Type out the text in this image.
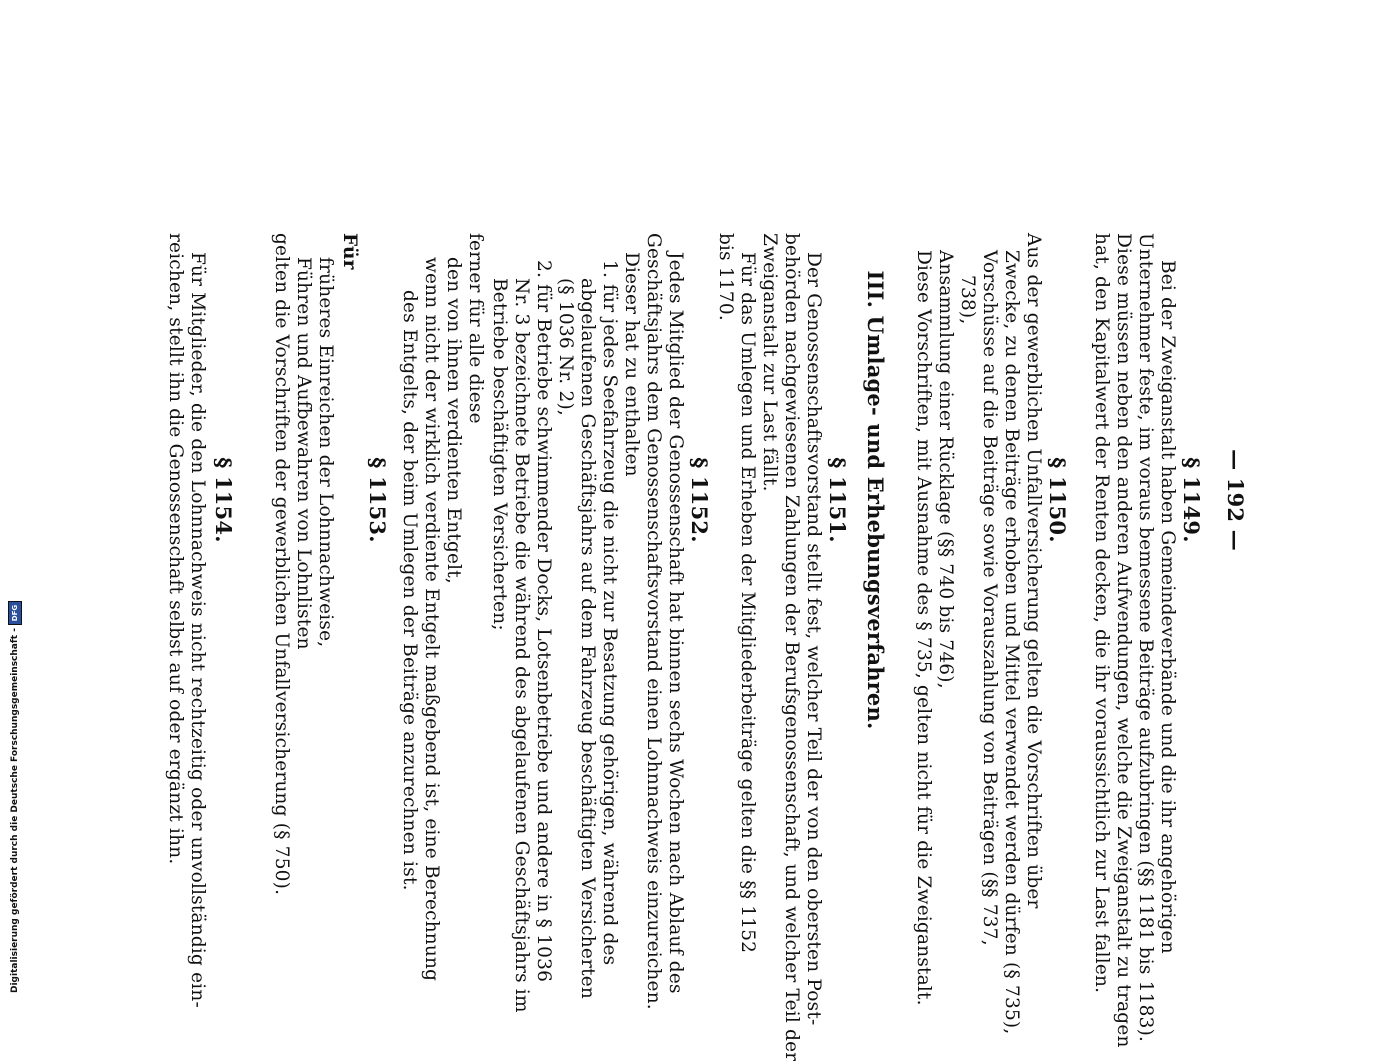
— 192 —
§ 1149.
Bei der Zweiganstalt haben Gemeindeverbände und die ihr angehörigen
Unternehmer feste, im voraus bemessene Beiträge aufzubringen (§§ 1181 bis 1183).
Diese müssen neben den anderen Aufwendungen, welche die Zweiganstalt zu tragen
hat, den Kapitalwert der Renten decken, die ihr voraussichtlich zur Last fallen.
§ 1150.
Aus der gewerblichen Unfallversicherung gelten die Vorschriften über
Zwecke, zu denen Beiträge erhoben und Mittel verwendet werden dürfen (§ 735),
Vorschüsse auf die Beiträge sowie Vorauszahlung von Beiträgen (§§ 737,
738),
Ansammlung einer Rücklage (§§ 740 bis 746),
Diese Vorschriften, mit Ausnahme des § 735, gelten nicht für die Zweiganstalt.
III. Umlage- und Erhebungsverfahren.
§ 1151.
Der Genossenschaftsvorstand stellt fest, welcher Teil der von den obersten Post-
behörden nachgewiesenen Zahlungen der Berufsgenossenschaft, und welcher Teil der
Zweiganstalt zur Last fällt.
Für das Umlegen und Erheben der Mitgliederbeiträge gelten die §§ 1152
bis 1170.
§ 1152.
Jedes Mitglied der Genossenschaft hat binnen sechs Wochen nach Ablauf des
Geschäftsjahrs dem Genossenschaftsvorstand einen Lohnnachweis einzureichen.
Dieser hat zu enthalten
1. für jedes Seefahrzeug die nicht zur Besatzung gehörigen, während des
abgelaufenen Geschäftsjahrs auf dem Fahrzeug beschäftigten Versicherten
(§ 1036 Nr. 2),
2. für Betriebe schwimmender Docks, Lotsenbetriebe und andere in § 1036
Nr. 3 bezeichnete Betriebe die während des abgelaufenen Geschäftsjahrs im
Betriebe beschäftigten Versicherten;
ferner für alle diese
den von ihnen verdienten Entgelt,
wenn nicht der wirklich verdiente Entgelt maßgebend ist, eine Berechnung
des Entgelts, der beim Umlegen der Beiträge anzurechnen ist.
§ 1153.
Für
früheres Einreichen der Lohnnachweise,
Führen und Aufbewahren von Lohnlisten
gelten die Vorschriften der gewerblichen Unfallversicherung (§ 750).
§ 1154.
Für Mitglieder, die den Lohnnachweis nicht rechtzeitig oder unvollständig ein-
reichen, stellt ihn die Genossenschaft selbst auf oder ergänzt ihn.
Digitalisierung gefördert durch die Deutsche Forschungsgemeinschaft -
DFG
